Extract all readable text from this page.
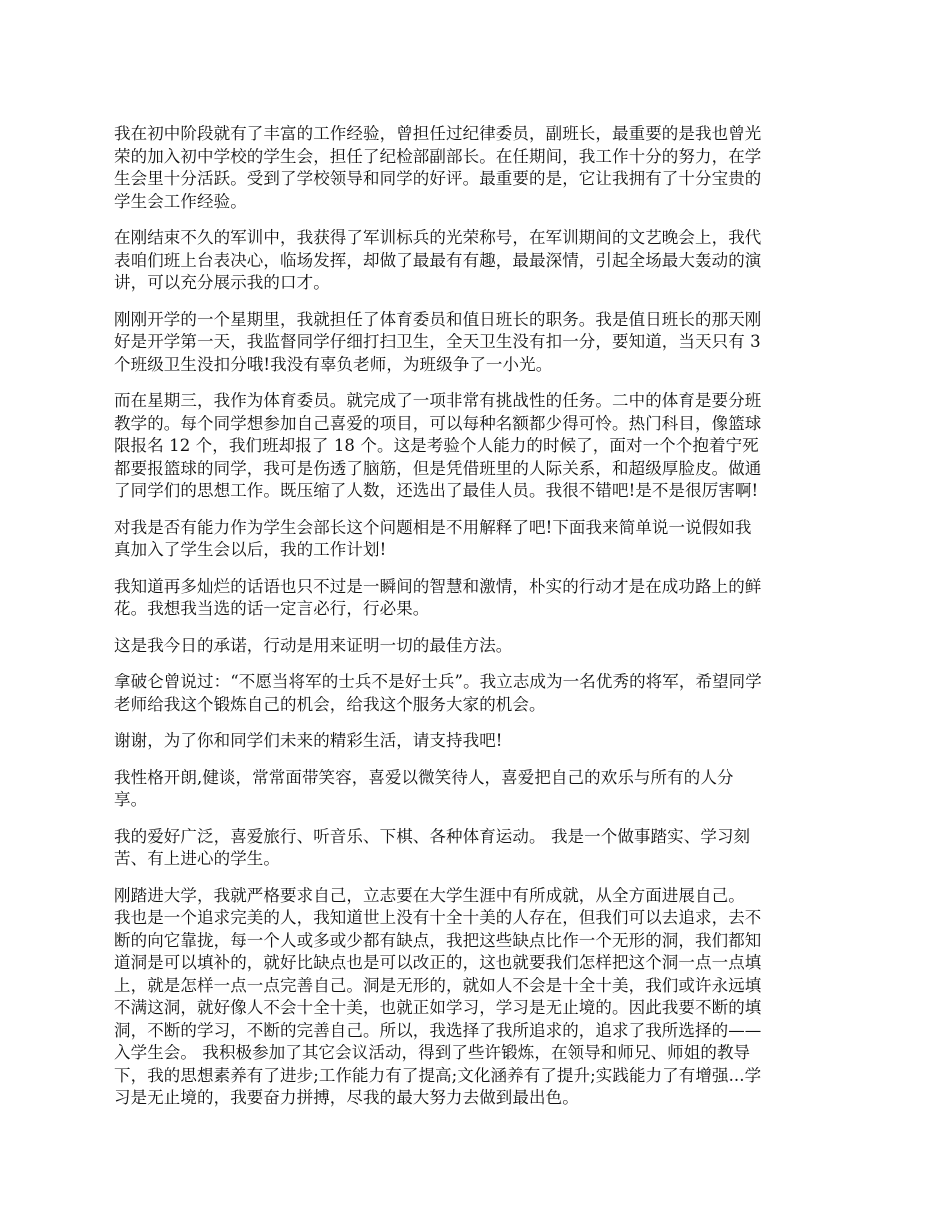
我在初中阶段就有了丰富的工作经验，曾担任过纪律委员，副班长，最重要的是我也曾光
荣的加入初中学校的学生会，担任了纪检部副部长。在任期间，我工作十分的努力，在学
生会里十分活跃。受到了学校领导和同学的好评。最重要的是，它让我拥有了十分宝贵的
学生会工作经验。

在刚结束不久的军训中，我获得了军训标兵的光荣称号，在军训期间的文艺晚会上，我代
表咱们班上台表决心，临场发挥，却做了最最有有趣，最最深情，引起全场最大轰动的演
讲，可以充分展示我的口才。

刚刚开学的一个星期里，我就担任了体育委员和值日班长的职务。我是值日班长的那天刚
好是开学第一天，我监督同学仔细打扫卫生，全天卫生没有扣一分，要知道，当天只有 3
个班级卫生没扣分哦!我没有辜负老师，为班级争了一小光。

而在星期三，我作为体育委员。就完成了一项非常有挑战性的任务。二中的体育是要分班
教学的。每个同学想参加自己喜爱的项目，可以每种名额都少得可怜。热门科目，像篮球
限报名 12 个，我们班却报了 18 个。这是考验个人能力的时候了，面对一个个抱着宁死
都要报篮球的同学，我可是伤透了脑筋，但是凭借班里的人际关系，和超级厚脸皮。做通
了同学们的思想工作。既压缩了人数，还选出了最佳人员。我很不错吧!是不是很厉害啊!

对我是否有能力作为学生会部长这个问题相是不用解释了吧!下面我来简单说一说假如我
真加入了学生会以后，我的工作计划!

我知道再多灿烂的话语也只不过是一瞬间的智慧和激情，朴实的行动才是在成功路上的鲜
花。我想我当选的话一定言必行，行必果。

这是我今日的承诺，行动是用来证明一切的最佳方法。

拿破仑曾说过：“不愿当将军的士兵不是好士兵”。我立志成为一名优秀的将军，希望同学
老师给我这个锻炼自己的机会，给我这个服务大家的机会。

谢谢，为了你和同学们未来的精彩生活，请支持我吧!

我性格开朗,健谈，常常面带笑容，喜爱以微笑待人，喜爱把自己的欢乐与所有的人分
享。

我的爱好广泛，喜爱旅行、听音乐、下棋、各种体育运动。 我是一个做事踏实、学习刻
苦、有上进心的学生。

刚踏进大学，我就严格要求自己，立志要在大学生涯中有所成就，从全方面进展自己。
我也是一个追求完美的人，我知道世上没有十全十美的人存在，但我们可以去追求，去不
断的向它靠拢，每一个人或多或少都有缺点，我把这些缺点比作一个无形的洞，我们都知
道洞是可以填补的，就好比缺点也是可以改正的，这也就要我们怎样把这个洞一点一点填
上，就是怎样一点一点完善自己。洞是无形的，就如人不会是十全十美，我们或许永远填
不满这洞，就好像人不会十全十美，也就正如学习，学习是无止境的。因此我要不断的填
洞，不断的学习，不断的完善自己。所以，我选择了我所追求的，追求了我所选择的——
入学生会。 我积极参加了其它会议活动，得到了些许锻炼，在领导和师兄、师姐的教导
下，我的思想素养有了进步;工作能力有了提高;文化涵养有了提升;实践能力了有增强...学
习是无止境的，我要奋力拼搏，尽我的最大努力去做到最出色。
